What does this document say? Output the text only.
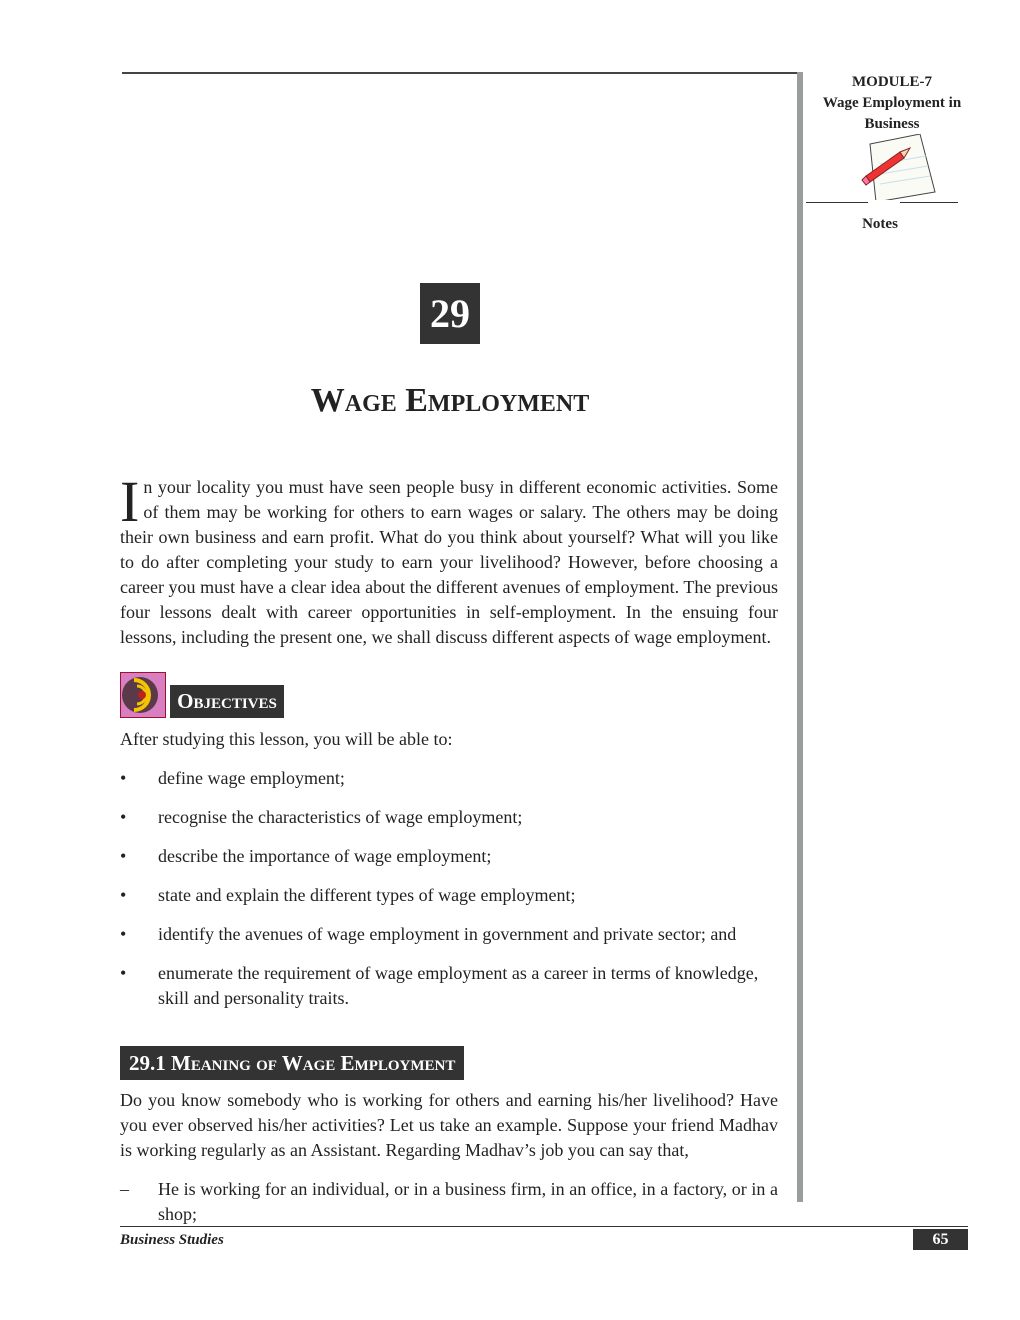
MODULE-7
Wage Employment in
Business
Notes
29
Wage Employment
In your locality you must have seen people busy in different economic activities. Some of them may be working for others to earn wages or salary. The others may be doing their own business and earn profit. What do you think about yourself? What will you like to do after completing your study to earn your livelihood? However, before choosing a career you must have a clear idea about the different avenues of employment. The previous four lessons dealt with career opportunities in self-employment. In the ensuing four lessons, including the present one, we shall discuss different aspects of wage employment.
Objectives
After studying this lesson, you will be able to:
• define wage employment;
• recognise the characteristics of wage employment;
• describe the importance of wage employment;
• state and explain the different types of wage employment;
• identify the avenues of wage employment in government and private sector; and
• enumerate the requirement of wage employment as a career in terms of knowledge, skill and personality traits.
29.1 Meaning of Wage Employment
Do you know somebody who is working for others and earning his/her livelihood? Have you ever observed his/her activities? Let us take an example. Suppose your friend Madhav is working regularly as an Assistant. Regarding Madhav’s job you can say that,
–	He is working for an individual, or in a business firm, in an office, in a factory, or in a shop;
Business Studies	65
